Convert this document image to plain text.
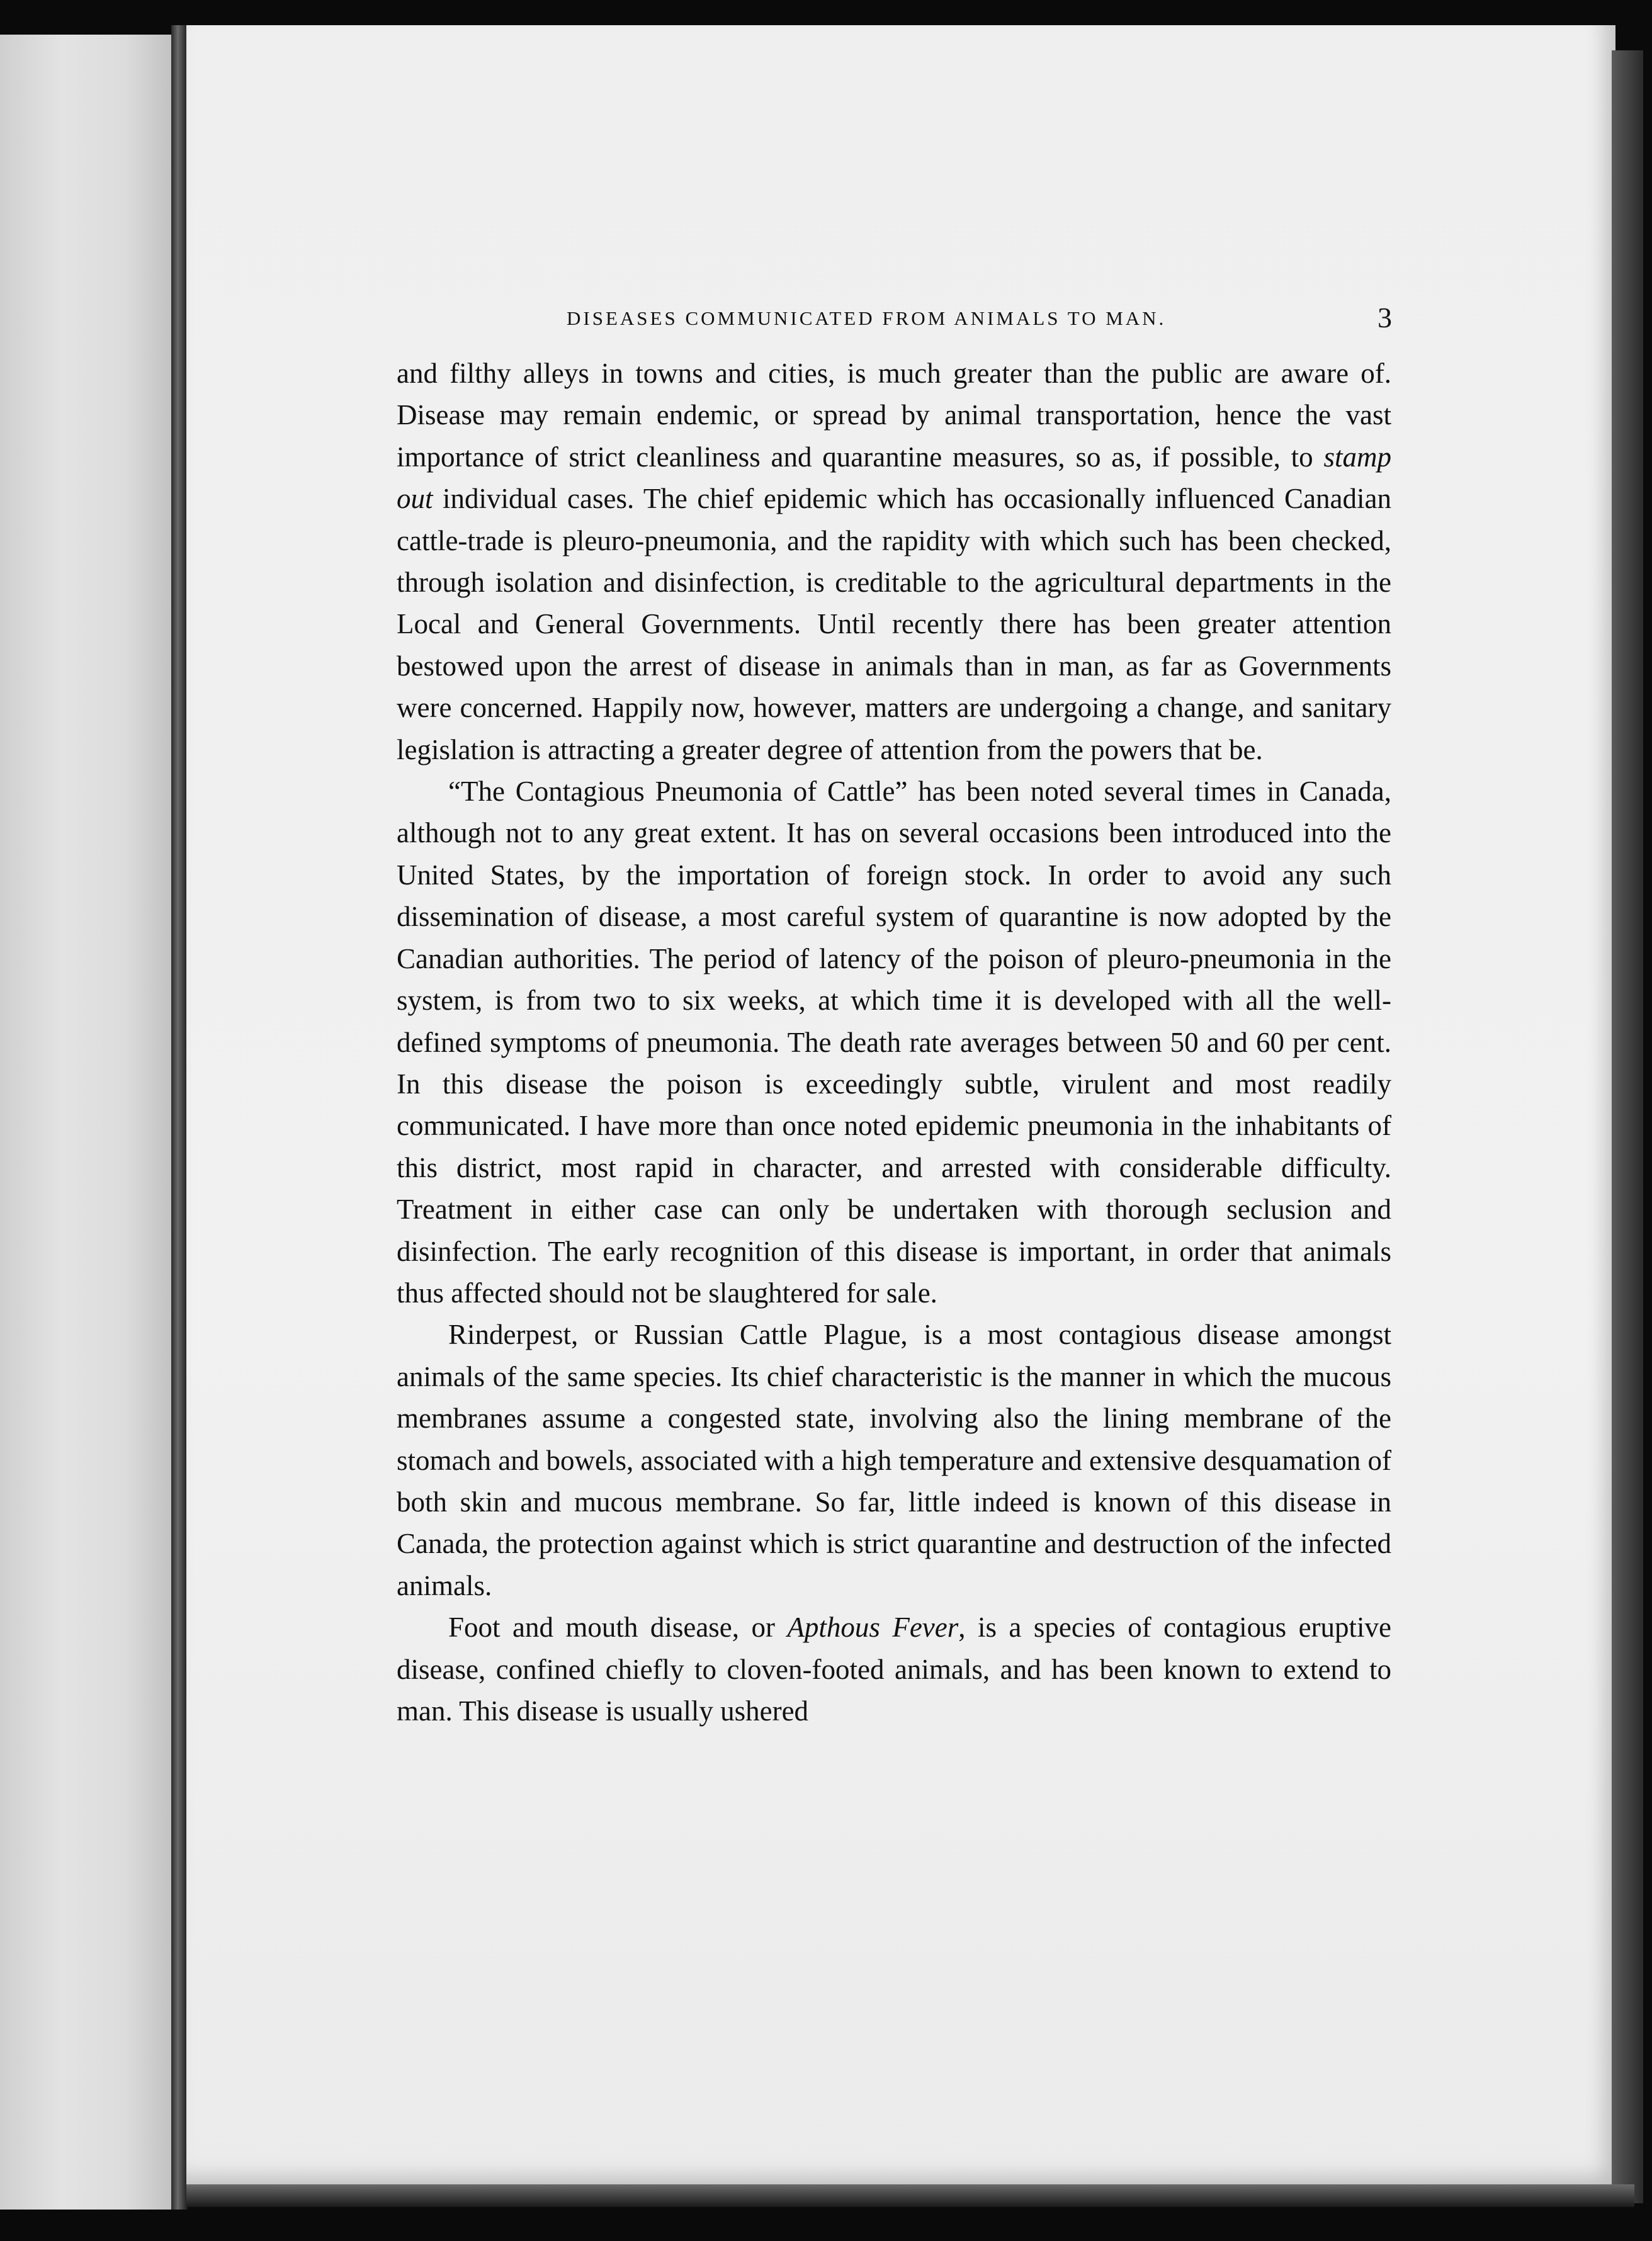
DISEASES COMMUNICATED FROM ANIMALS TO MAN.	3

and filthy alleys in towns and cities, is much greater than the public are aware of. Disease may remain endemic, or spread by animal transportation, hence the vast importance of strict cleanliness and quarantine measures, so as, if possible, to stamp out individual cases. The chief epidemic which has occasionally influenced Canadian cattle-trade is pleuro-pneumonia, and the rapidity with which such has been checked, through isolation and disinfection, is creditable to the agricultural departments in the Local and General Governments. Until recently there has been greater attention bestowed upon the arrest of disease in animals than in man, as far as Governments were concerned. Happily now, however, matters are undergoing a change, and sanitary legislation is attracting a greater degree of attention from the powers that be.

“The Contagious Pneumonia of Cattle” has been noted several times in Canada, although not to any great extent. It has on several occasions been introduced into the United States, by the importation of foreign stock. In order to avoid any such dissemination of disease, a most careful system of quarantine is now adopted by the Canadian authorities. The period of latency of the poison of pleuro-pneumonia in the system, is from two to six weeks, at which time it is developed with all the well-defined symptoms of pneumonia. The death rate averages between 50 and 60 per cent. In this disease the poison is exceedingly subtle, virulent and most readily communicated. I have more than once noted epidemic pneumonia in the inhabitants of this district, most rapid in character, and arrested with considerable difficulty. Treatment in either case can only be undertaken with thorough seclusion and disinfection. The early recognition of this disease is important, in order that animals thus affected should not be slaughtered for sale.

Rinderpest, or Russian Cattle Plague, is a most contagious disease amongst animals of the same species. Its chief characteristic is the manner in which the mucous membranes assume a congested state, involving also the lining membrane of the stomach and bowels, associated with a high temperature and extensive desquamation of both skin and mucous membrane. So far, little indeed is known of this disease in Canada, the protection against which is strict quarantine and destruction of the infected animals.

Foot and mouth disease, or Apthous Fever, is a species of contagious eruptive disease, confined chiefly to cloven-footed animals, and has been known to extend to man. This disease is usually ushered
